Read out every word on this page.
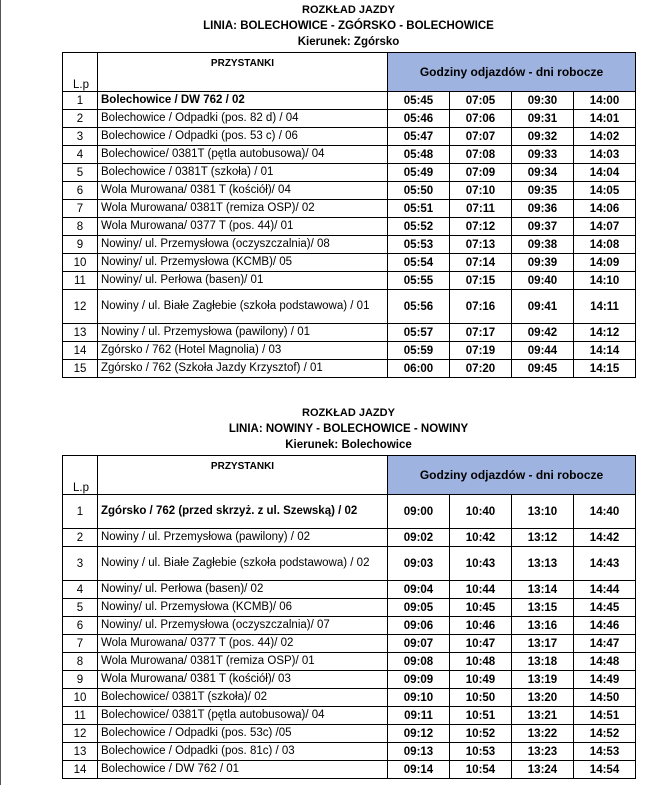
ROZKŁAD JAZDY
LINIA: BOLECHOWICE - ZGÓRSKO - BOLECHOWICE
Kierunek: Zgórsko
L.p	PRZYSTANKI	Godziny odjazdów - dni robocze			
1	Bolechowice / DW 762 / 02	05:45	07:05	09:30	14:00
2	Bolechowice / Odpadki (pos. 82 d) / 04	05:46	07:06	09:31	14:01
3	Bolechowice / Odpadki (pos. 53 c) / 06	05:47	07:07	09:32	14:02
4	Bolechowice/ 0381T (pętla autobusowa)/ 04	05:48	07:08	09:33	14:03
5	Bolechowice / 0381T (szkoła) / 01	05:49	07:09	09:34	14:04
6	Wola Murowana/ 0381 T (kościół)/ 04	05:50	07:10	09:35	14:05
7	Wola Murowana/ 0381T (remiza OSP)/ 02	05:51	07:11	09:36	14:06
8	Wola Murowana/ 0377 T (pos. 44)/ 01	05:52	07:12	09:37	14:07
9	Nowiny/ ul. Przemysłowa (oczyszczalnia)/ 08	05:53	07:13	09:38	14:08
10	Nowiny/ ul. Przemysłowa (KCMB)/ 05	05:54	07:14	09:39	14:09
11	Nowiny/ ul. Perłowa (basen)/ 01	05:55	07:15	09:40	14:10
12	Nowiny / ul. Białe Zagłebie (szkoła podstawowa) / 01	05:56	07:16	09:41	14:11
13	Nowiny / ul. Przemysłowa (pawilony) / 01	05:57	07:17	09:42	14:12
14	Zgórsko / 762 (Hotel Magnolia) / 03	05:59	07:19	09:44	14:14
15	Zgórsko / 762 (Szkoła Jazdy Krzysztof) / 01	06:00	07:20	09:45	14:15
ROZKŁAD JAZDY
LINIA: NOWINY - BOLECHOWICE - NOWINY
Kierunek: Bolechowice
L.p	PRZYSTANKI	Godziny odjazdów - dni robocze			
1	Zgórsko / 762 (przed skrzyż. z ul. Szewską) / 02	09:00	10:40	13:10	14:40
2	Nowiny / ul. Przemysłowa (pawilony) / 02	09:02	10:42	13:12	14:42
3	Nowiny / ul. Białe Zagłebie (szkoła podstawowa) / 02	09:03	10:43	13:13	14:43
4	Nowiny/ ul. Perłowa (basen)/ 02	09:04	10:44	13:14	14:44
5	Nowiny/ ul. Przemysłowa (KCMB)/ 06	09:05	10:45	13:15	14:45
6	Nowiny/ ul. Przemysłowa (oczyszczalnia)/ 07	09:06	10:46	13:16	14:46
7	Wola Murowana/ 0377 T (pos. 44)/ 02	09:07	10:47	13:17	14:47
8	Wola Murowana/ 0381T (remiza OSP)/ 01	09:08	10:48	13:18	14:48
9	Wola Murowana/ 0381 T (kościół)/ 03	09:09	10:49	13:19	14:49
10	Bolechowice/ 0381T (szkoła)/ 02	09:10	10:50	13:20	14:50
11	Bolechowice/ 0381T (pętla autobusowa)/ 04	09:11	10:51	13:21	14:51
12	Bolechowice / Odpadki (pos. 53c) /05	09:12	10:52	13:22	14:52
13	Bolechowice / Odpadki (pos. 81c) / 03	09:13	10:53	13:23	14:53
14	Bolechowice / DW 762 / 01	09:14	10:54	13:24	14:54
